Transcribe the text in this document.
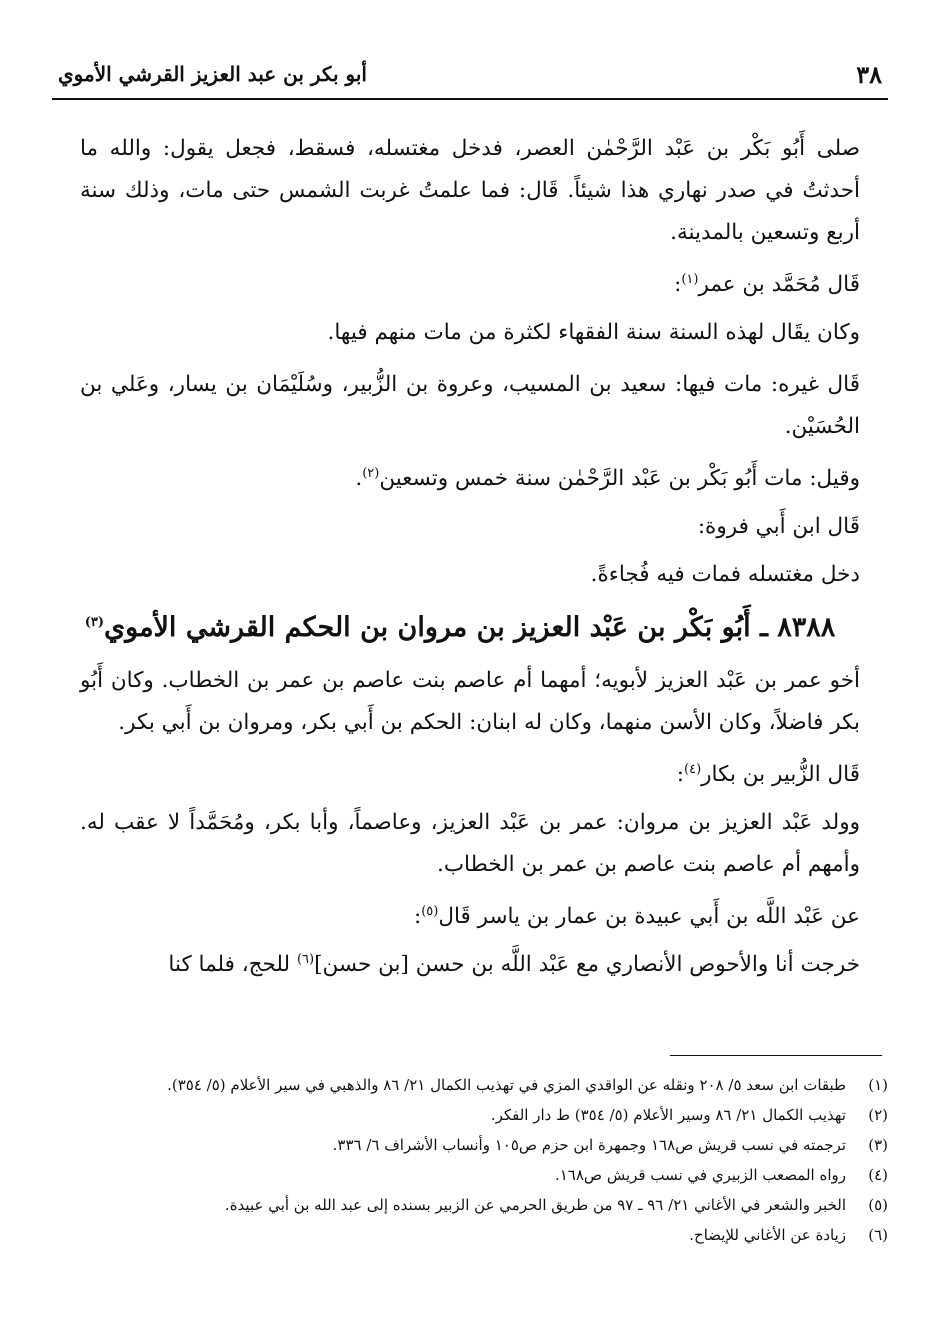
٣٨
أبو بكر بن عبد العزيز القرشي الأموي

صلى أَبُو بَكْر بن عَبْد الرَّحْمٰن العصر، فدخل مغتسله، فسقط، فجعل يقول: والله ما أحدثتُ في صدر نهاري هذا شيئاً. قَال: فما علمتُ غربت الشمس حتى مات، وذلك سنة أربع وتسعين بالمدينة.

قَال مُحَمَّد بن عمر$^{(١)}$:

وكان يقَال لهذه السنة سنة الفقهاء لكثرة من مات منهم فيها.

قَال غيره: مات فيها: سعيد بن المسيب، وعروة بن الزُّبير، وسُلَيْمَان بن يسار، وعَلي بن الحُسَيْن.

وقيل: مات أَبُو بَكْر بن عَبْد الرَّحْمٰن سنة خمس وتسعين$^{(٢)}$.

قَال ابن أَبي فروة:

دخل مغتسله فمات فيه فُجاءةً.

٨٣٨٨ ـ أَبُو بَكْر بن عَبْد العزيز بن مروان بن الحكم القرشي الأموي$^{(٣)}$

أخو عمر بن عَبْد العزيز لأبويه؛ أمهما أم عاصم بنت عاصم بن عمر بن الخطاب. وكان أَبُو بكر فاضلاً، وكان الأسن منهما، وكان له ابنان: الحكم بن أَبي بكر، ومروان بن أَبي بكر.

قَال الزُّبير بن بكار$^{(٤)}$:

وولد عَبْد العزيز بن مروان: عمر بن عَبْد العزيز، وعاصماً، وأبا بكر، ومُحَمَّداً لا عقب له. وأمهم أم عاصم بنت عاصم بن عمر بن الخطاب.

عن عَبْد اللَّه بن أَبي عبيدة بن عمار بن ياسر قَال$^{(٥)}$:

خرجت أنا والأحوص الأنصاري مع عَبْد اللَّه بن حسن [بن حسن]$^{(٦)}$ للحج، فلما كنا

(١)
طبقات ابن سعد ٥/ ٢٠٨ ونقله عن الواقدي المزي في تهذيب الكمال ٢١/ ٨٦ والذهبي في سير الأعلام (٥/ ٣٥٤).
(٢)
تهذيب الكمال ٢١/ ٨٦ وسير الأعلام (٥/ ٣٥٤) ط دار الفكر.
(٣)
ترجمته في نسب قريش ص١٦٨ وجمهرة ابن حزم ص١٠٥ وأنساب الأشراف ٦/ ٣٣٦.
(٤)
رواه المصعب الزبيري في نسب قريش ص١٦٨.
(٥)
الخبر والشعر في الأغاني ٢١/ ٩٦ ـ ٩٧ من طريق الحرمي عن الزبير بسنده إلى عبد الله بن أبي عبيدة.
(٦)
زيادة عن الأغاني للإيضاح.
